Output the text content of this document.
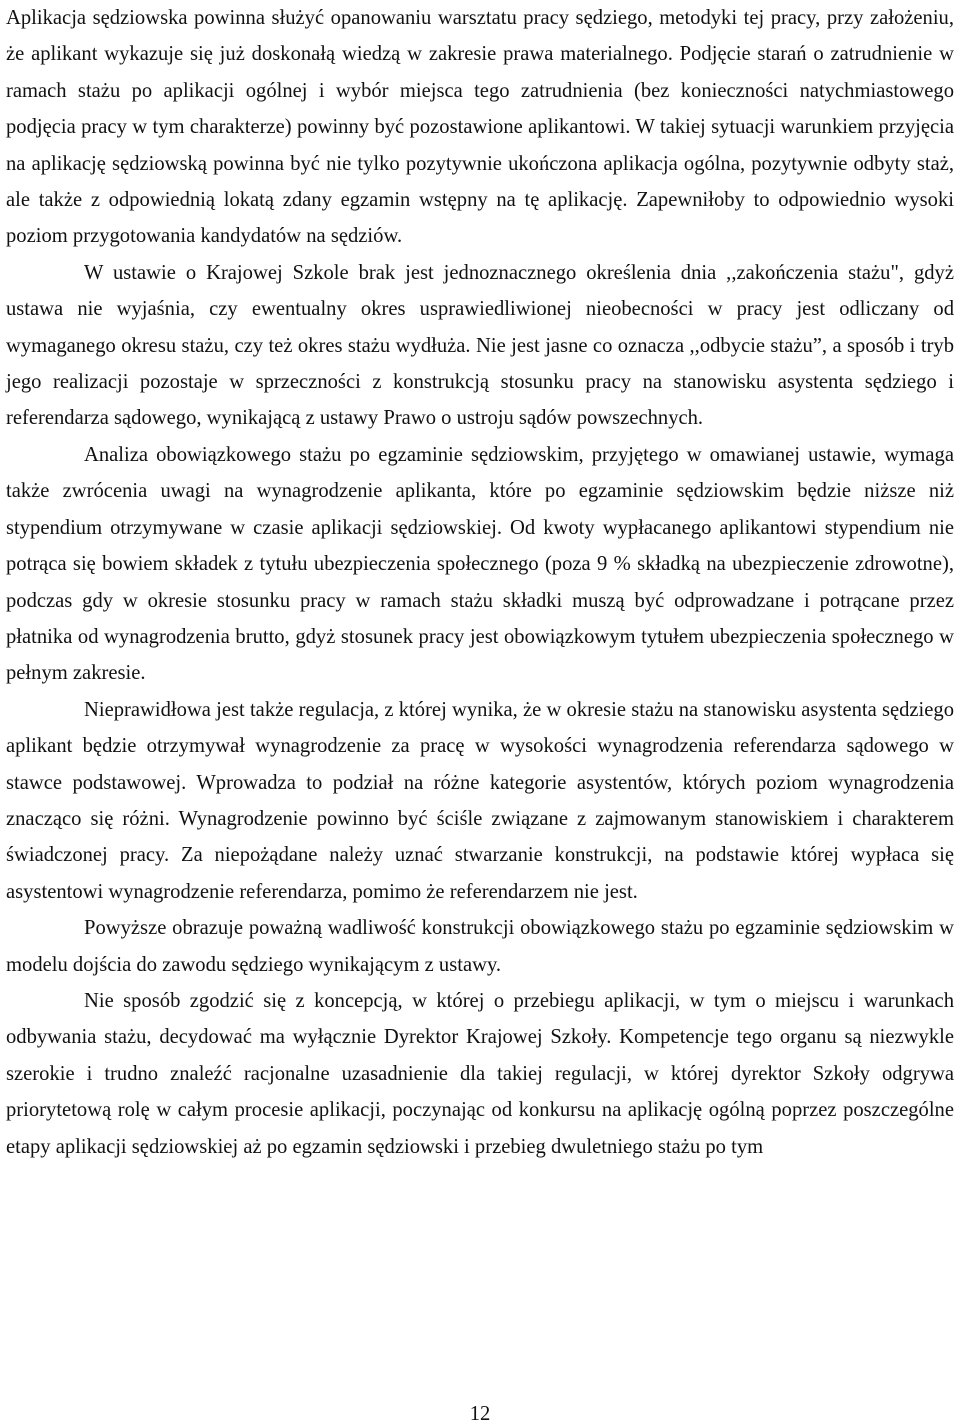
Aplikacja sędziowska powinna służyć opanowaniu warsztatu pracy sędziego, metodyki tej pracy, przy założeniu, że aplikant wykazuje się już doskonałą wiedzą w zakresie prawa materialnego. Podjęcie starań o zatrudnienie w ramach stażu po aplikacji ogólnej i wybór miejsca tego zatrudnienia (bez konieczności natychmiastowego podjęcia pracy w tym charakterze) powinny być pozostawione aplikantowi. W takiej sytuacji warunkiem przyjęcia na aplikację sędziowską powinna być nie tylko pozytywnie ukończona aplikacja ogólna, pozytywnie odbyty staż, ale także z odpowiednią lokatą zdany egzamin wstępny na tę aplikację. Zapewniłoby to odpowiednio wysoki poziom przygotowania kandydatów na sędziów.

W ustawie o Krajowej Szkole brak jest jednoznacznego określenia dnia ,,zakończenia stażu", gdyż ustawa nie wyjaśnia, czy ewentualny okres usprawiedliwionej nieobecności w pracy jest odliczany od wymaganego okresu stażu, czy też okres stażu wydłuża. Nie jest jasne co oznacza ,,odbycie stażu”, a sposób i tryb jego realizacji pozostaje w sprzeczności z konstrukcją stosunku pracy na stanowisku asystenta sędziego i referendarza sądowego, wynikającą z ustawy Prawo o ustroju sądów powszechnych.

Analiza obowiązkowego stażu po egzaminie sędziowskim, przyjętego w omawianej ustawie, wymaga także zwrócenia uwagi na wynagrodzenie aplikanta, które po egzaminie sędziowskim będzie niższe niż stypendium otrzymywane w czasie aplikacji sędziowskiej. Od kwoty wypłacanego aplikantowi stypendium nie potrąca się bowiem składek z tytułu ubezpieczenia społecznego (poza 9 % składką na ubezpieczenie zdrowotne), podczas gdy w okresie stosunku pracy w ramach stażu składki muszą być odprowadzane i potrącane przez płatnika od wynagrodzenia brutto, gdyż stosunek pracy jest obowiązkowym tytułem ubezpieczenia społecznego w pełnym zakresie.

Nieprawidłowa jest także regulacja, z której wynika, że w okresie stażu na stanowisku asystenta sędziego aplikant będzie otrzymywał wynagrodzenie za pracę w wysokości wynagrodzenia referendarza sądowego w stawce podstawowej. Wprowadza to podział na różne kategorie asystentów, których poziom wynagrodzenia znacząco się różni. Wynagrodzenie powinno być ściśle związane z zajmowanym stanowiskiem i charakterem świadczonej pracy. Za niepożądane należy uznać stwarzanie konstrukcji, na podstawie której wypłaca się asystentowi wynagrodzenie referendarza, pomimo że referendarzem nie jest.

Powyższe obrazuje poważną wadliwość konstrukcji obowiązkowego stażu po egzaminie sędziowskim w modelu dojścia do zawodu sędziego wynikającym z ustawy.

Nie sposób zgodzić się z koncepcją, w której o przebiegu aplikacji, w tym o miejscu i warunkach odbywania stażu, decydować ma wyłącznie Dyrektor Krajowej Szkoły. Kompetencje tego organu są niezwykle szerokie i trudno znaleźć racjonalne uzasadnienie dla takiej regulacji, w której dyrektor Szkoły odgrywa priorytetową rolę w całym procesie aplikacji, poczynając od konkursu na aplikację ogólną poprzez poszczególne etapy aplikacji sędziowskiej aż po egzamin sędziowski i przebieg dwuletniego stażu po tym

12
